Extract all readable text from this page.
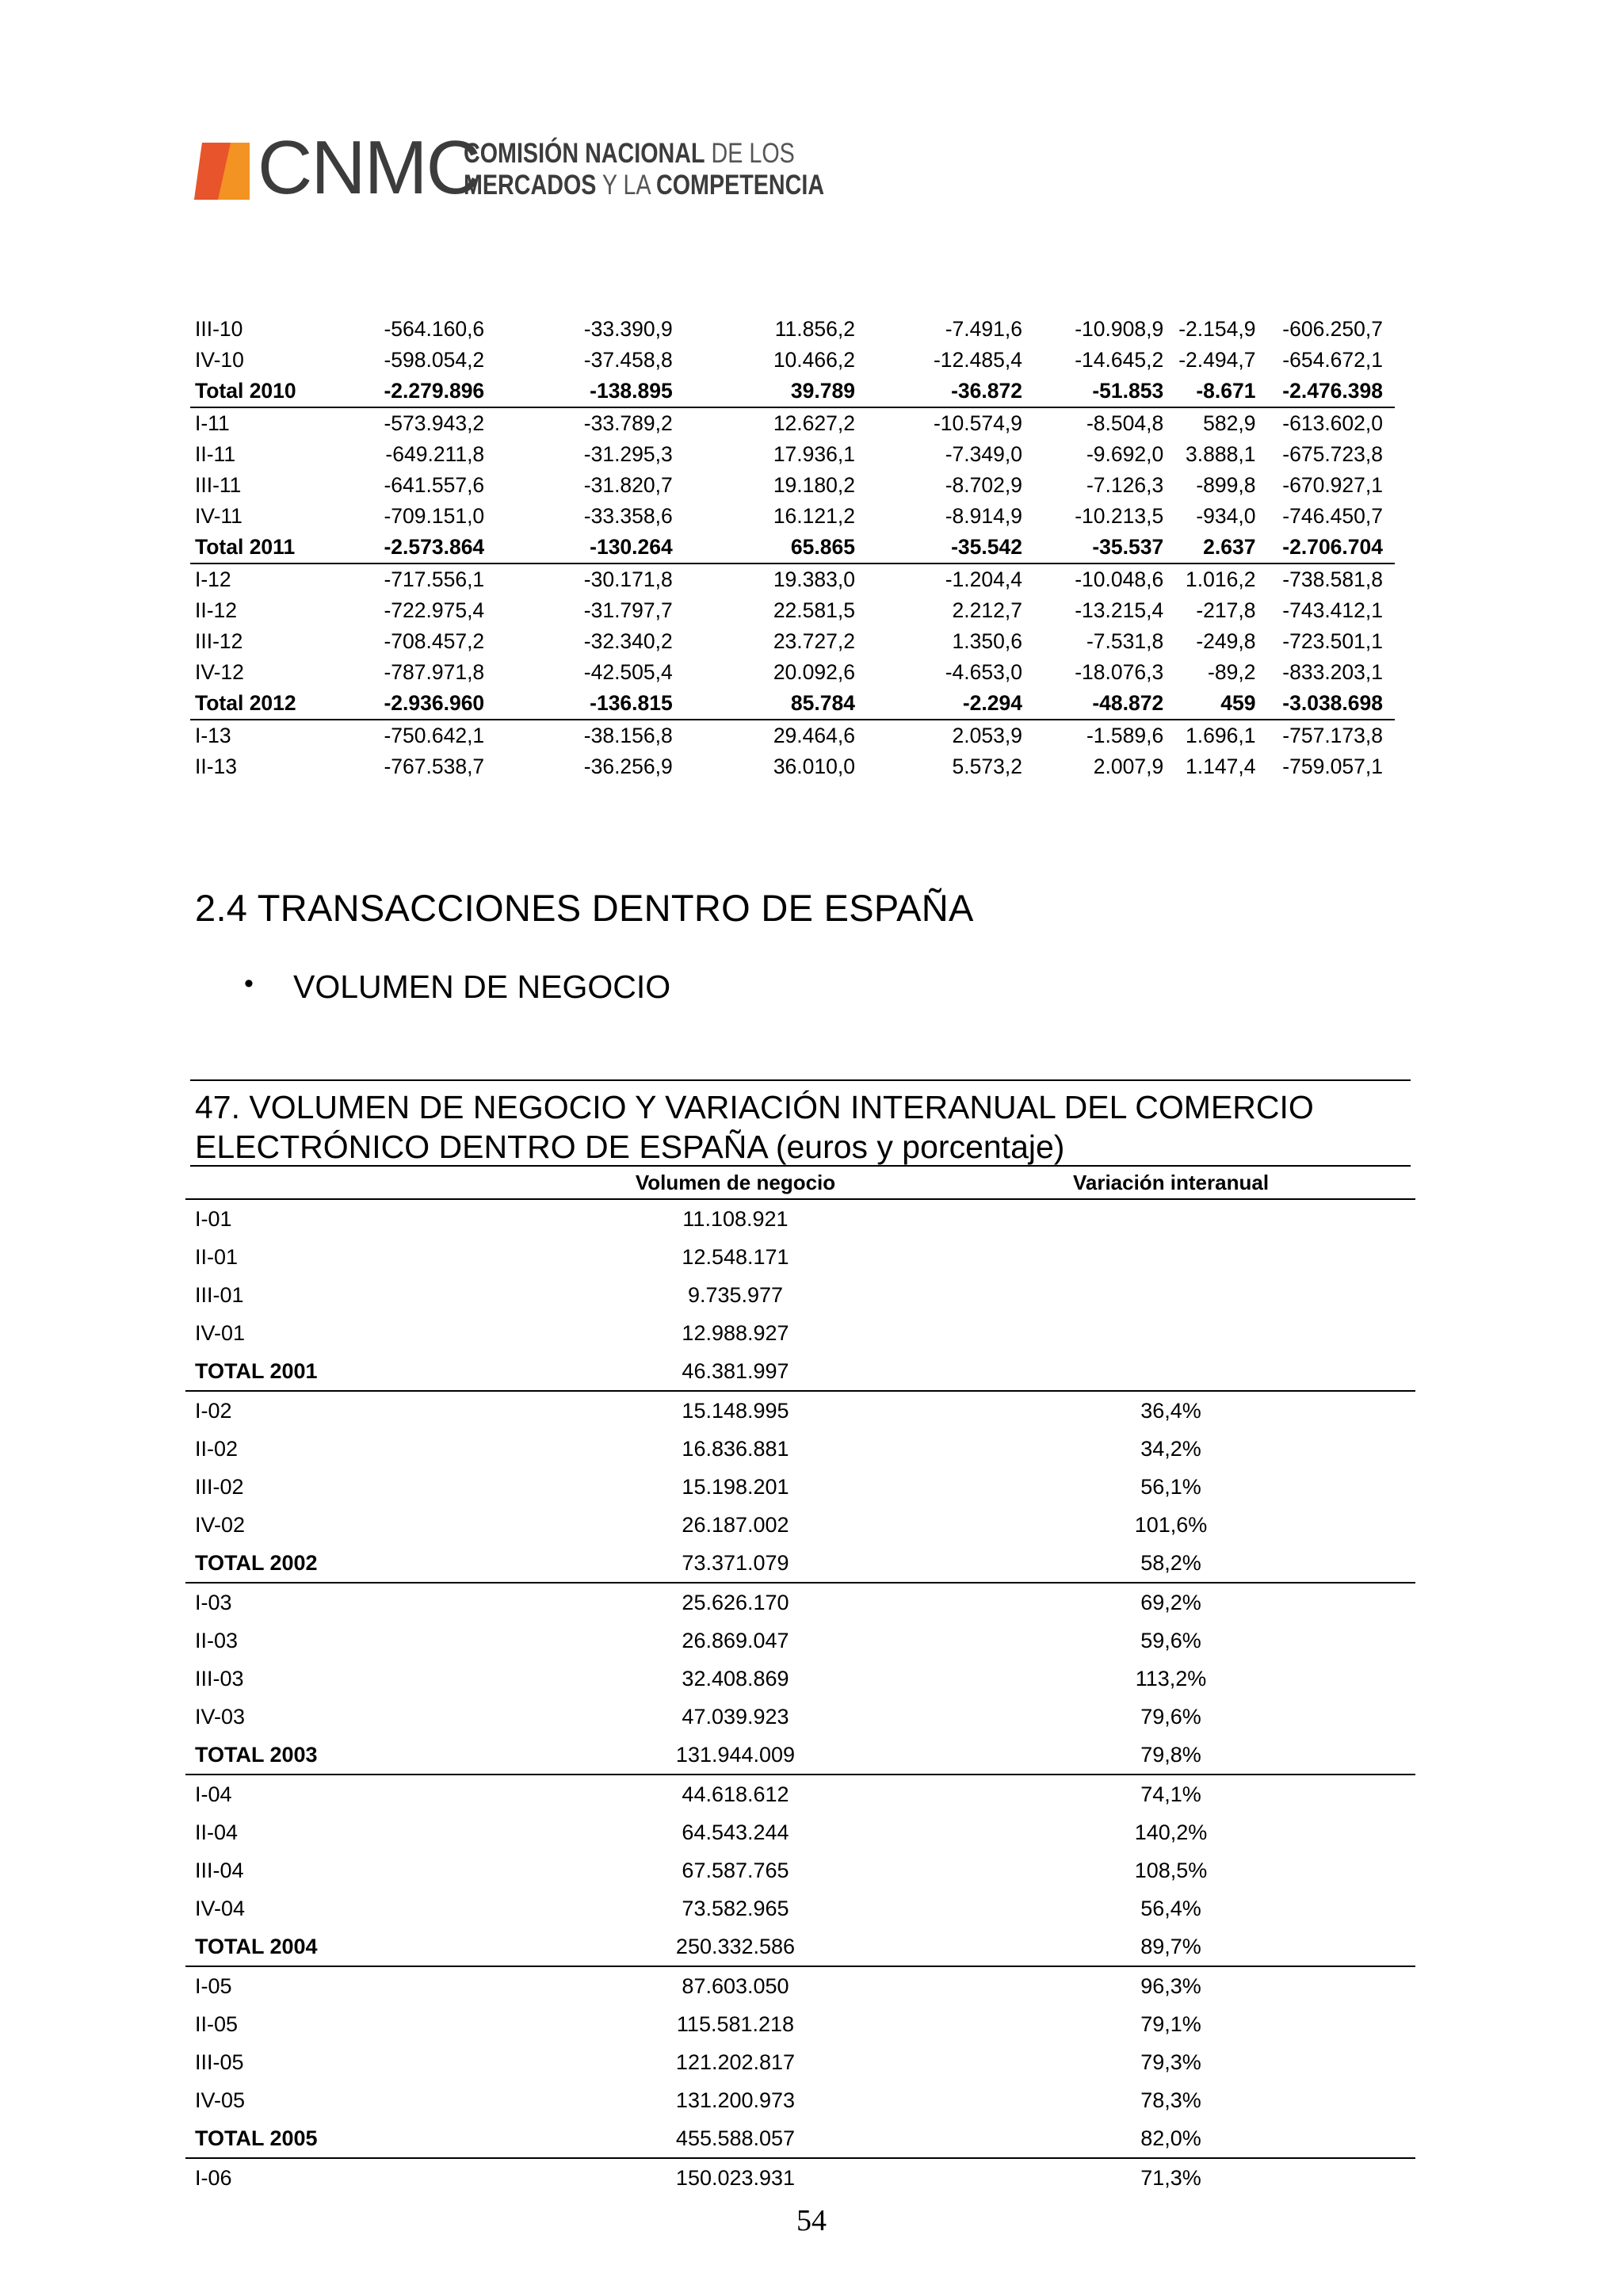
CNMC
COMISIÓN NACIONAL DE LOS
MERCADOS Y LA COMPETENCIA
III-10	-564.160,6	-33.390,9	11.856,2	-7.491,6	-10.908,9	-2.154,9	-606.250,7
IV-10	-598.054,2	-37.458,8	10.466,2	-12.485,4	-14.645,2	-2.494,7	-654.672,1
Total 2010	-2.279.896	-138.895	39.789	-36.872	-51.853	-8.671	-2.476.398
I-11	-573.943,2	-33.789,2	12.627,2	-10.574,9	-8.504,8	582,9	-613.602,0
II-11	-649.211,8	-31.295,3	17.936,1	-7.349,0	-9.692,0	3.888,1	-675.723,8
III-11	-641.557,6	-31.820,7	19.180,2	-8.702,9	-7.126,3	-899,8	-670.927,1
IV-11	-709.151,0	-33.358,6	16.121,2	-8.914,9	-10.213,5	-934,0	-746.450,7
Total 2011	-2.573.864	-130.264	65.865	-35.542	-35.537	2.637	-2.706.704
I-12	-717.556,1	-30.171,8	19.383,0	-1.204,4	-10.048,6	1.016,2	-738.581,8
II-12	-722.975,4	-31.797,7	22.581,5	2.212,7	-13.215,4	-217,8	-743.412,1
III-12	-708.457,2	-32.340,2	23.727,2	1.350,6	-7.531,8	-249,8	-723.501,1
IV-12	-787.971,8	-42.505,4	20.092,6	-4.653,0	-18.076,3	-89,2	-833.203,1
Total 2012	-2.936.960	-136.815	85.784	-2.294	-48.872	459	-3.038.698
I-13	-750.642,1	-38.156,8	29.464,6	2.053,9	-1.589,6	1.696,1	-757.173,8
II-13	-767.538,7	-36.256,9	36.010,0	5.573,2	2.007,9	1.147,4	-759.057,1
2.4 TRANSACCIONES DENTRO DE ESPAÑA
• VOLUMEN DE NEGOCIO
47. VOLUMEN DE NEGOCIO Y VARIACIÓN INTERANUAL DEL COMERCIO
ELECTRÓNICO DENTRO DE ESPAÑA (euros y porcentaje)
	Volumen de negocio	Variación interanual
I-01	11.108.921	
II-01	12.548.171	
III-01	9.735.977	
IV-01	12.988.927	
TOTAL 2001	46.381.997	
I-02	15.148.995	36,4%
II-02	16.836.881	34,2%
III-02	15.198.201	56,1%
IV-02	26.187.002	101,6%
TOTAL 2002	73.371.079	58,2%
I-03	25.626.170	69,2%
II-03	26.869.047	59,6%
III-03	32.408.869	113,2%
IV-03	47.039.923	79,6%
TOTAL 2003	131.944.009	79,8%
I-04	44.618.612	74,1%
II-04	64.543.244	140,2%
III-04	67.587.765	108,5%
IV-04	73.582.965	56,4%
TOTAL 2004	250.332.586	89,7%
I-05	87.603.050	96,3%
II-05	115.581.218	79,1%
III-05	121.202.817	79,3%
IV-05	131.200.973	78,3%
TOTAL 2005	455.588.057	82,0%
I-06	150.023.931	71,3%
54
